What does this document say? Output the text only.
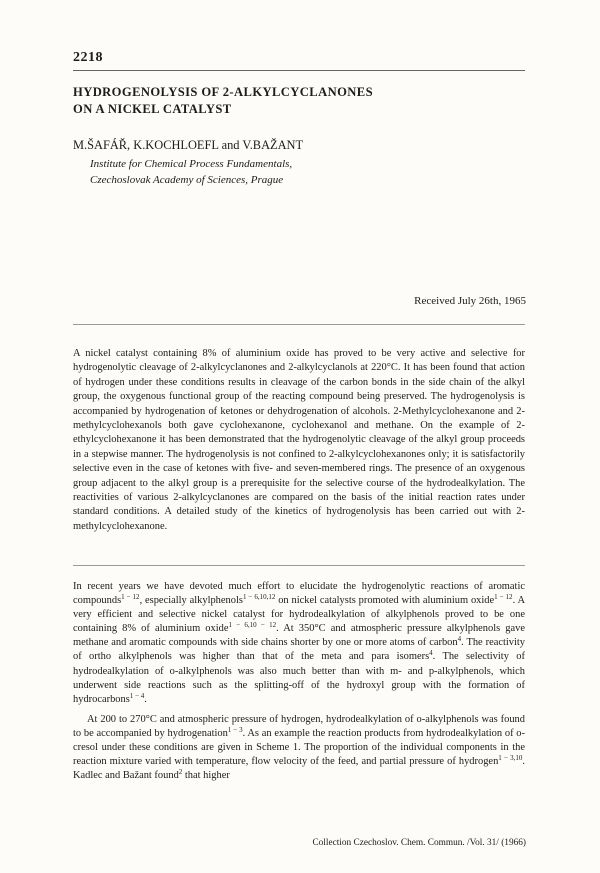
2218
HYDROGENOLYSIS OF 2-ALKYLCYCLANONES
ON A NICKEL CATALYST
M.ŠAFÁŘ, K.KOCHLOEFL and V.BAŽANT
Institute for Chemical Process Fundamentals,
Czechoslovak Academy of Sciences, Prague
Received July 26th, 1965
A nickel catalyst containing 8% of aluminium oxide has proved to be very active and selective for hydrogenolytic cleavage of 2-alkylcyclanones and 2-alkylcyclanols at 220°C. It has been found that action of hydrogen under these conditions results in cleavage of the carbon bonds in the side chain of the alkyl group, the oxygenous functional group of the reacting compound being preserved. The hydrogenolysis is accompanied by hydrogenation of ketones or dehydrogenation of alcohols. 2-Methylcyclohexanone and 2-methylcyclohexanols both gave cyclohexanone, cyclohexanol and methane. On the example of 2-ethylcyclohexanone it has been demonstrated that the hydrogenolytic cleavage of the alkyl group proceeds in a stepwise manner. The hydrogenolysis is not confined to 2-alkylcyclohexanones only; it is satisfactorily selective even in the case of ketones with five- and seven-membered rings. The presence of an oxygenous group adjacent to the alkyl group is a prerequisite for the selective course of the hydrodealkylation. The reactivities of various 2-alkylcyclanones are compared on the basis of the initial reaction rates under standard conditions. A detailed study of the kinetics of hydrogenolysis has been carried out with 2-methylcyclohexanone.

In recent years we have devoted much effort to elucidate the hydrogenolytic reactions of aromatic compounds$^{1 - 12}$, especially alkylphenols$^{1 - 6,10,12}$ on nickel catalysts promoted with aluminium oxide$^{1 - 12}$. A very efficient and selective nickel catalyst for hydrodealkylation of alkylphenols proved to be one containing 8% of aluminium oxide$^{1 - 6,10 - 12}$. At 350°C and atmospheric pressure alkylphenols gave methane and aromatic compounds with side chains shorter by one or more atoms of carbon$^4$. The reactivity of ortho alkylphenols was higher than that of the meta and para isomers$^4$. The selectivity of hydrodealkylation of o-alkylphenols was also much better than with m- and p-alkylphenols, which underwent side reactions such as the splitting-off of the hydroxyl group with the formation of hydrocarbons$^{1 - 4}$.

At 200 to 270°C and atmospheric pressure of hydrogen, hydrodealkylation of o-alkylphenols was found to be accompanied by hydrogenation$^{1 - 3}$. As an example the reaction products from hydrodealkylation of o-cresol under these conditions are given in Scheme 1. The proportion of the individual components in the reaction mixture varied with temperature, flow velocity of the feed, and partial pressure of hydrogen$^{1 - 3,10}$. Kadlec and Bažant found$^2$ that higher

Collection Czechoslov. Chem. Commun. /Vol. 31/ (1966)
